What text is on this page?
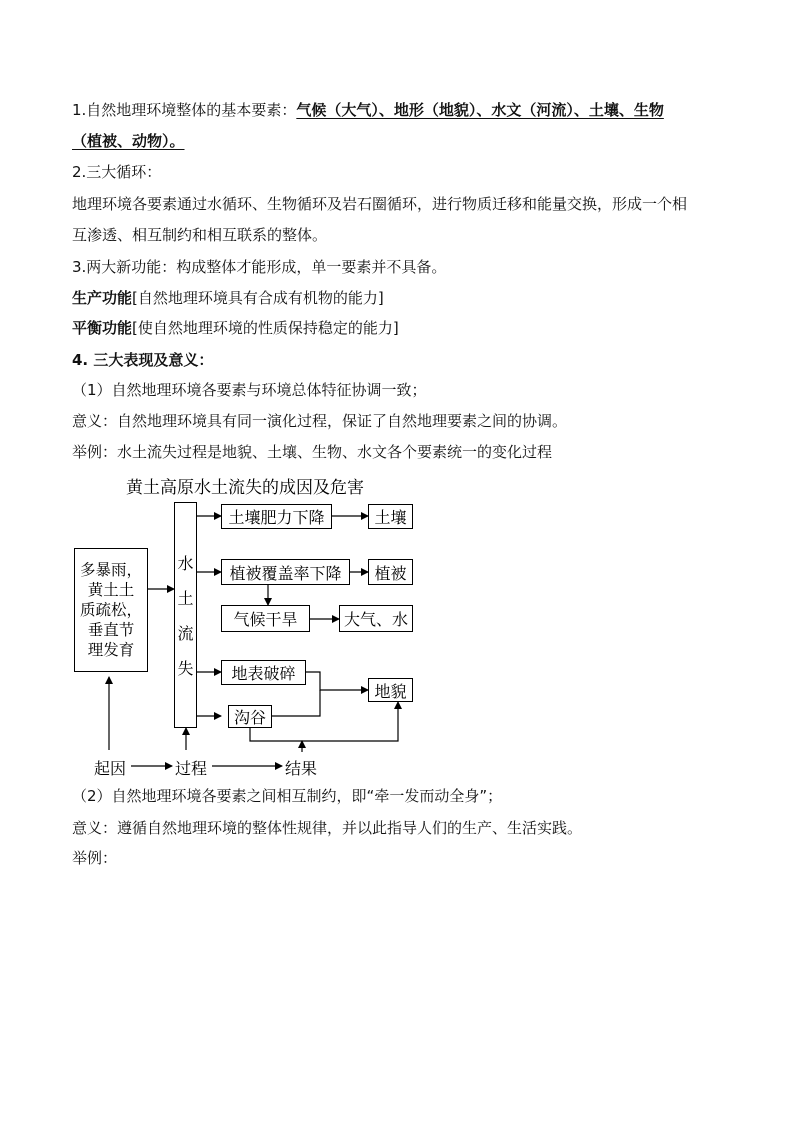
1.自然地理环境整体的基本要素：气候（大气）、地形（地貌）、水文（河流）、土壤、生物
（植被、动物）。
2.三大循环：
地理环境各要素通过水循环、生物循环及岩石圈循环，进行物质迁移和能量交换，形成一个相
互渗透、相互制约和相互联系的整体。
3.两大新功能：构成整体才能形成，单一要素并不具备。
生产功能[自然地理环境具有合成有机物的能力]
平衡功能[使自然地理环境的性质保持稳定的能力]
4. 三大表现及意义：
（1）自然地理环境各要素与环境总体特征协调一致；
意义：自然地理环境具有同一演化过程，保证了自然地理要素之间的协调。
举例：水土流失过程是地貌、土壤、生物、水文各个要素统一的变化过程
黄土高原水土流失的成因及危害
多暴雨，
黄土土
质疏松，
垂直节
理发育
水
土
流
失
土壤肥力下降	土壤
植被覆盖率下降	植被
气候干旱	大气、水
地表破碎
沟谷
地貌
起因	过程	结果
（2）自然地理环境各要素之间相互制约，即“牵一发而动全身”；
意义：遵循自然地理环境的整体性规律，并以此指导人们的生产、生活实践。
举例：
